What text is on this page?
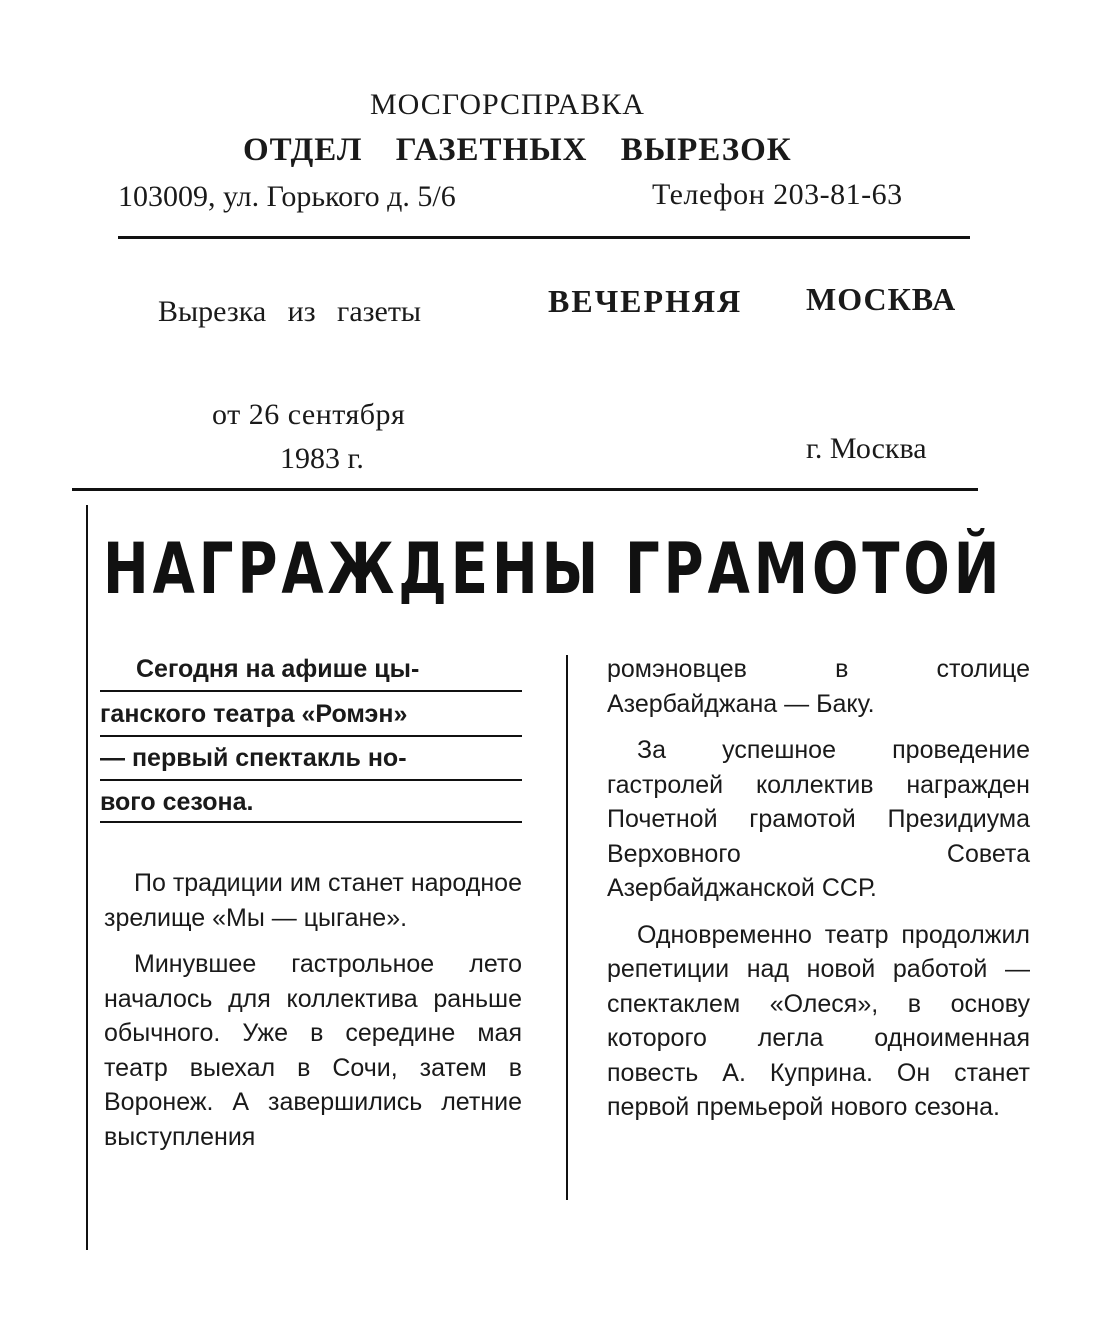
МОСГОРСПРАВКА
ОТДЕЛ ГАЗЕТНЫХ ВЫРЕЗОК
103009, ул. Горького д. 5/6	Телефон 203-81-63
Вырезка из газеты	ВЕЧЕРНЯЯ МОСКВА
от 26 сентября
1983 г.	г. Москва
НАГРАЖДЕНЫ ГРАМОТОЙ
Сегодня на афише цы-
ганского театра «Ромэн»
— первый спектакль но-
вого сезона.

По традиции им станет народное зрелище «Мы — цыгане».

Минувшее гастрольное лето началось для коллектива раньше обычного. Уже в середине мая театр выехал в Сочи, затем в Воронеж. А завершились летние выступления

ромэновцев в столице Азербайджана — Баку.

За успешное проведение гастролей коллектив награжден Почетной грамотой Президиума Верховного Совета Азербайджанской ССР.

Одновременно театр продолжил репетиции над новой работой — спектаклем «Олеся», в основу которого легла одноименная повесть А. Куприна. Он станет первой премьерой нового сезона.
